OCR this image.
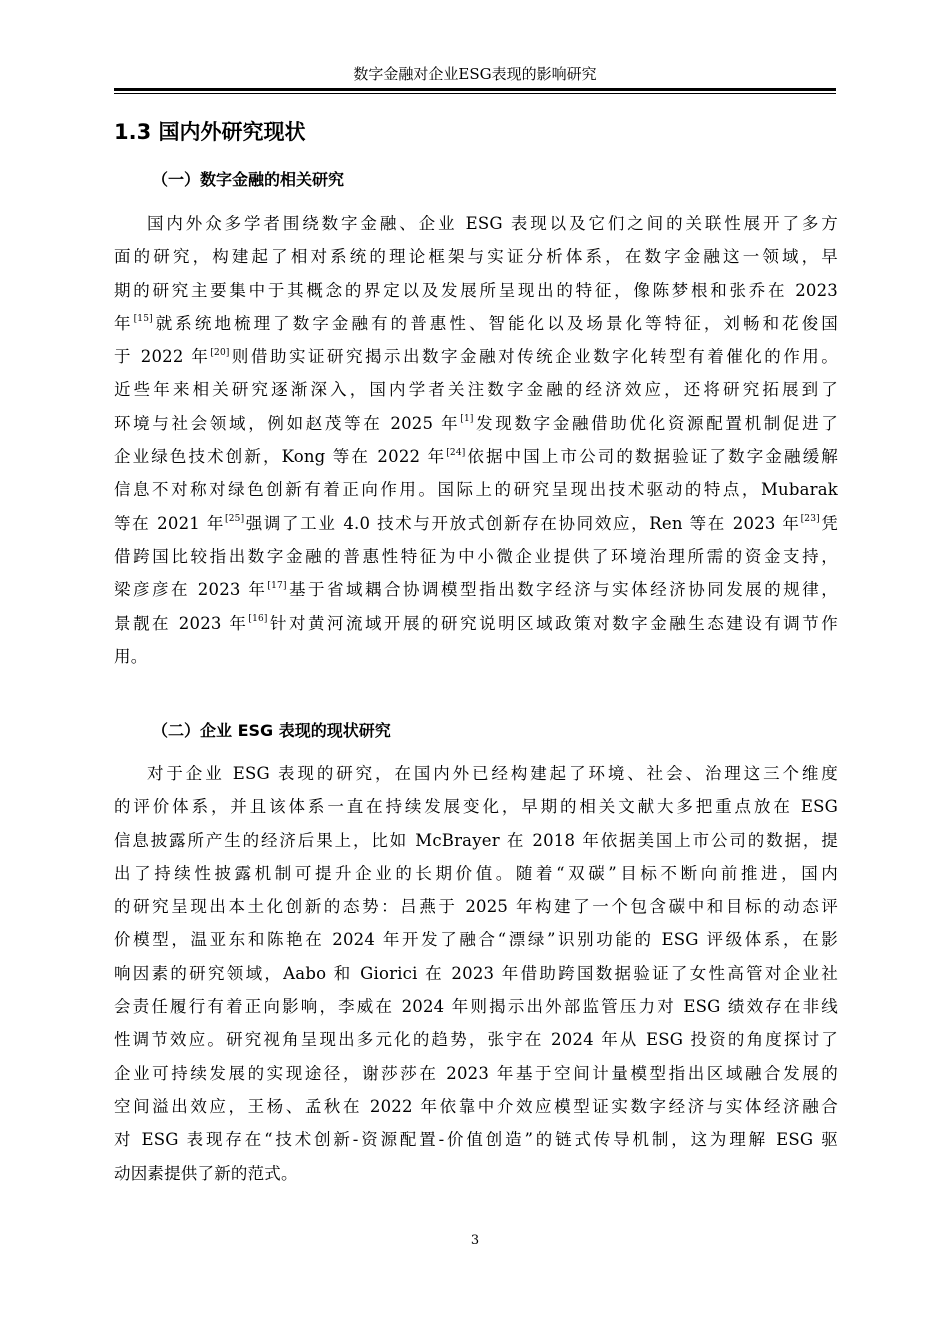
数字金融对企业ESG表现的影响研究
1.3 国内外研究现状
（一）数字金融的相关研究
国内外众多学者围绕数字金融、企业 ESG 表现以及它们之间的关联性展开了多方
面的研究，构建起了相对系统的理论框架与实证分析体系，在数字金融这一领域，早
期的研究主要集中于其概念的界定以及发展所呈现出的特征，像陈梦根和张乔在 2023
年[15]就系统地梳理了数字金融有的普惠性、智能化以及场景化等特征，刘畅和花俊国
于 2022 年[20]则借助实证研究揭示出数字金融对传统企业数字化转型有着催化的作用。
近些年来相关研究逐渐深入，国内学者关注数字金融的经济效应，还将研究拓展到了
环境与社会领域，例如赵茂等在 2025 年[1]发现数字金融借助优化资源配置机制促进了
企业绿色技术创新，Kong 等在 2022 年[24]依据中国上市公司的数据验证了数字金融缓解
信息不对称对绿色创新有着正向作用。国际上的研究呈现出技术驱动的特点，Mubarak
等在 2021 年[25]强调了工业 4.0 技术与开放式创新存在协同效应，Ren 等在 2023 年[23]凭
借跨国比较指出数字金融的普惠性特征为中小微企业提供了环境治理所需的资金支持，
梁彦彦在 2023 年[17]基于省域耦合协调模型指出数字经济与实体经济协同发展的规律，
景靓在 2023 年[16]针对黄河流域开展的研究说明区域政策对数字金融生态建设有调节作
用。
（二）企业 ESG 表现的现状研究
对于企业 ESG 表现的研究，在国内外已经构建起了环境、社会、治理这三个维度
的评价体系，并且该体系一直在持续发展变化，早期的相关文献大多把重点放在 ESG
信息披露所产生的经济后果上，比如 McBrayer 在 2018 年依据美国上市公司的数据，提
出了持续性披露机制可提升企业的长期价值。随着“双碳”目标不断向前推进，国内
的研究呈现出本土化创新的态势：吕燕于 2025 年构建了一个包含碳中和目标的动态评
价模型，温亚东和陈艳在 2024 年开发了融合“漂绿”识别功能的 ESG 评级体系，在影
响因素的研究领域，Aabo 和 Giorici 在 2023 年借助跨国数据验证了女性高管对企业社
会责任履行有着正向影响，李威在 2024 年则揭示出外部监管压力对 ESG 绩效存在非线
性调节效应。研究视角呈现出多元化的趋势，张宇在 2024 年从 ESG 投资的角度探讨了
企业可持续发展的实现途径，谢莎莎在 2023 年基于空间计量模型指出区域融合发展的
空间溢出效应，王杨、孟秋在 2022 年依靠中介效应模型证实数字经济与实体经济融合
对 ESG 表现存在“技术创新-资源配置-价值创造”的链式传导机制，这为理解 ESG 驱
动因素提供了新的范式。
3
